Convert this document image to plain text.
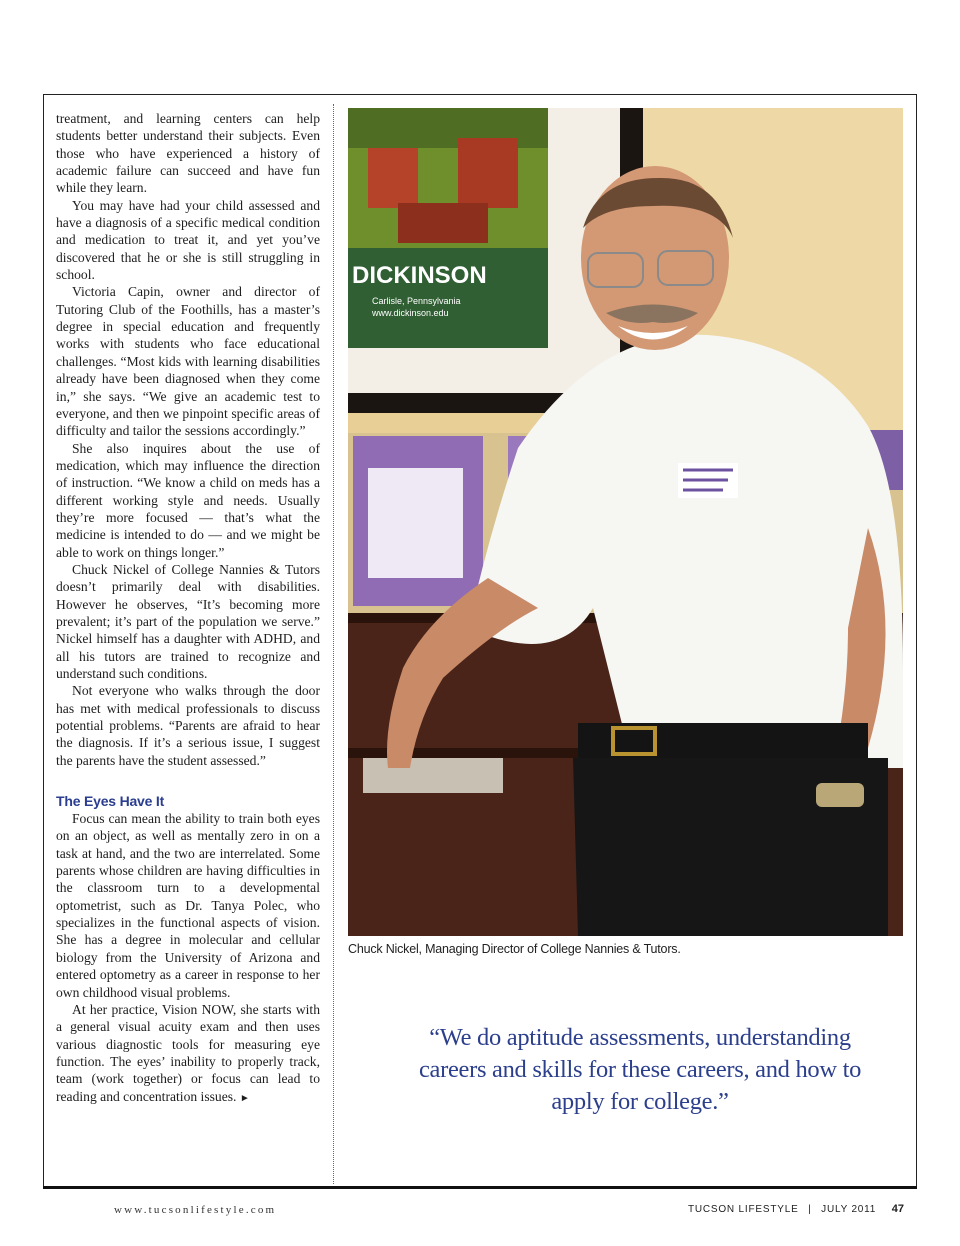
treatment, and learning centers can help students better understand their subjects. Even those who have experienced a history of academic failure can succeed and have fun while they learn.

You may have had your child assessed and have a diagnosis of a specific medical condition and medication to treat it, and yet you’ve discovered that he or she is still struggling in school.

Victoria Capin, owner and director of Tutoring Club of the Foothills, has a master’s degree in special education and frequently works with students who face educational challenges. “Most kids with learning disabilities already have been diagnosed when they come in,” she says. “We give an academic test to everyone, and then we pinpoint specific areas of difficulty and tailor the sessions accordingly.”

She also inquires about the use of medication, which may influence the direction of instruction. “We know a child on meds has a different working style and needs. Usually they’re more focused — that’s what the medicine is intended to do — and we might be able to work on things longer.”

Chuck Nickel of College Nannies & Tutors doesn’t primarily deal with disabilities. However he observes, “It’s becoming more prevalent; it’s part of the population we serve.” Nickel himself has a daughter with ADHD, and all his tutors are trained to recognize and understand such conditions.

Not everyone who walks through the door has met with medical professionals to discuss potential problems. “Parents are afraid to hear the diagnosis. If it’s a serious issue, I suggest the parents have the student assessed.”

The Eyes Have It

Focus can mean the ability to train both eyes on an object, as well as mentally zero in on a task at hand, and the two are interrelated. Some parents whose children are having difficulties in the classroom turn to a developmental optometrist, such as Dr. Tanya Polec, who specializes in the functional aspects of vision. She has a degree in molecular and cellular biology from the University of Arizona and entered optometry as a career in response to her own childhood visual problems.

At her practice, Vision NOW, she starts with a general visual acuity exam and then uses various diagnostic tools for measuring eye function. The eyes’ inability to properly track, team (work together) or focus can lead to reading and concentration issues. ►

DICKINSON
Carlisle, Pennsylvania
www.dickinson.edu
Chuck Nickel, Managing Director of College Nannies & Tutors.
“We do aptitude assessments, understanding careers and skills for these careers, and how to apply for college.”
www.tucsonlifestyle.com	TUCSON LIFESTYLE | JULY 2011 47
